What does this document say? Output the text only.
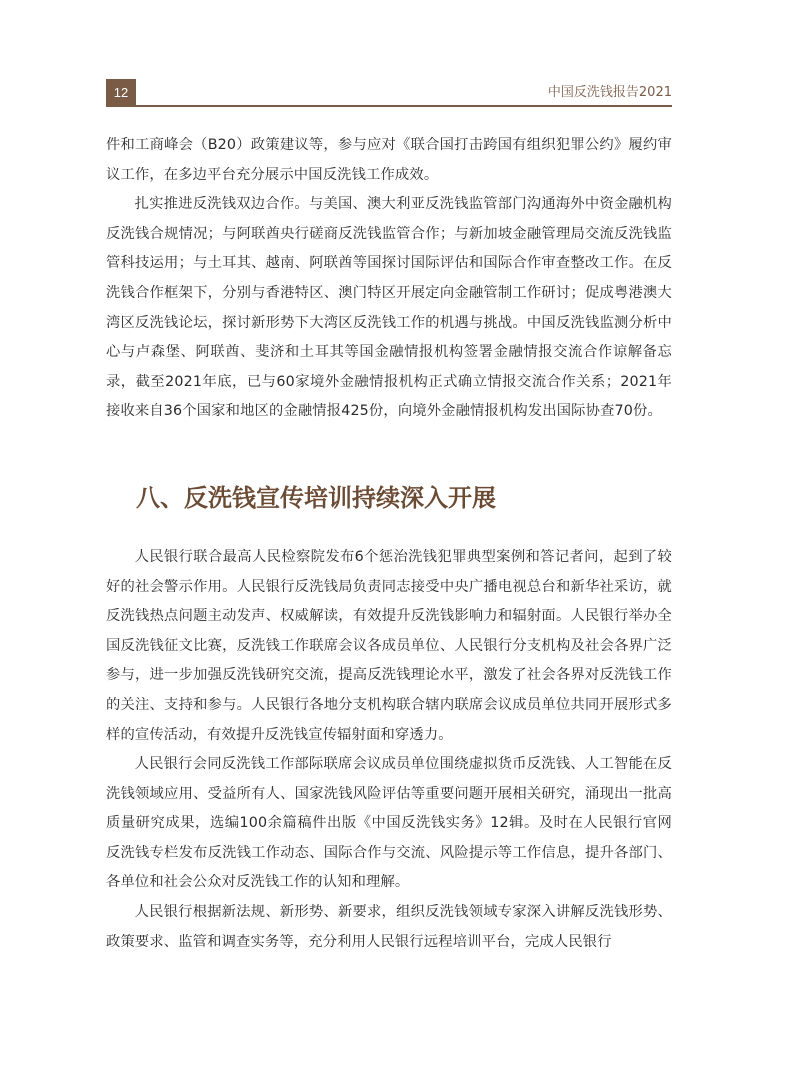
12	中国反洗钱报告2021

件和工商峰会（B20）政策建议等，参与应对《联合国打击跨国有组织犯罪公约》履约审议工作，在多边平台充分展示中国反洗钱工作成效。

扎实推进反洗钱双边合作。与美国、澳大利亚反洗钱监管部门沟通海外中资金融机构反洗钱合规情况；与阿联酋央行磋商反洗钱监管合作；与新加坡金融管理局交流反洗钱监管科技运用；与土耳其、越南、阿联酋等国探讨国际评估和国际合作审查整改工作。在反洗钱合作框架下，分别与香港特区、澳门特区开展定向金融管制工作研讨；促成粤港澳大湾区反洗钱论坛，探讨新形势下大湾区反洗钱工作的机遇与挑战。中国反洗钱监测分析中心与卢森堡、阿联酋、斐济和土耳其等国金融情报机构签署金融情报交流合作谅解备忘录，截至2021年底，已与60家境外金融情报机构正式确立情报交流合作关系；2021年接收来自36个国家和地区的金融情报425份，向境外金融情报机构发出国际协查70份。

八、反洗钱宣传培训持续深入开展

人民银行联合最高人民检察院发布6个惩治洗钱犯罪典型案例和答记者问，起到了较好的社会警示作用。人民银行反洗钱局负责同志接受中央广播电视总台和新华社采访，就反洗钱热点问题主动发声、权威解读，有效提升反洗钱影响力和辐射面。人民银行举办全国反洗钱征文比赛，反洗钱工作联席会议各成员单位、人民银行分支机构及社会各界广泛参与，进一步加强反洗钱研究交流，提高反洗钱理论水平，激发了社会各界对反洗钱工作的关注、支持和参与。人民银行各地分支机构联合辖内联席会议成员单位共同开展形式多样的宣传活动，有效提升反洗钱宣传辐射面和穿透力。

人民银行会同反洗钱工作部际联席会议成员单位围绕虚拟货币反洗钱、人工智能在反洗钱领域应用、受益所有人、国家洗钱风险评估等重要问题开展相关研究，涌现出一批高质量研究成果，选编100余篇稿件出版《中国反洗钱实务》12辑。及时在人民银行官网反洗钱专栏发布反洗钱工作动态、国际合作与交流、风险提示等工作信息，提升各部门、各单位和社会公众对反洗钱工作的认知和理解。

人民银行根据新法规、新形势、新要求，组织反洗钱领域专家深入讲解反洗钱形势、政策要求、监管和调查实务等，充分利用人民银行远程培训平台，完成人民银行
